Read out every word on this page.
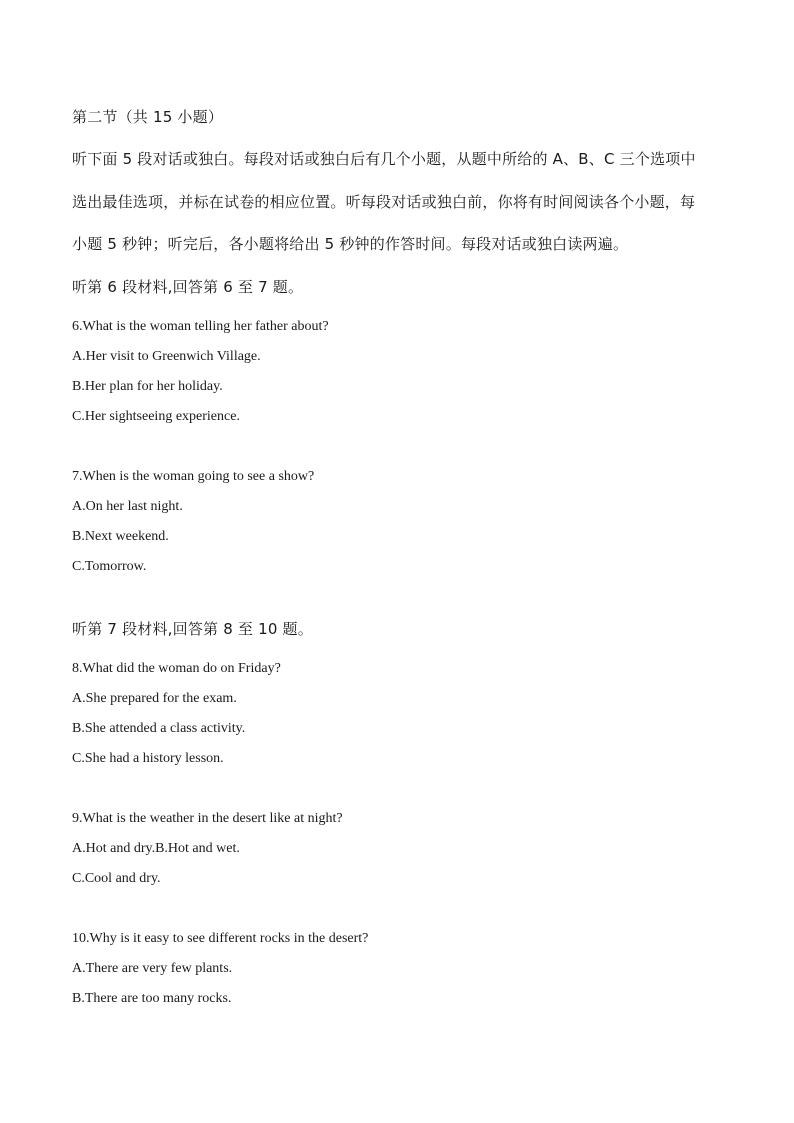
第二节（共 15 小题）
听下面 5 段对话或独白。每段对话或独白后有几个小题，从题中所给的 A、B、C 三个选项中
选出最佳选项，并标在试卷的相应位置。听每段对话或独白前，你将有时间阅读各个小题，每
小题 5 秒钟；听完后，各小题将给出 5 秒钟的作答时间。每段对话或独白读两遍。
听第 6 段材料,回答第 6 至 7 题。
6.What is the woman telling her father about?
A.Her visit to Greenwich Village.
B.Her plan for her holiday.
C.Her sightseeing experience.
7.When is the woman going to see a show?
A.On her last night.
B.Next weekend.
C.Tomorrow.
听第 7 段材料,回答第 8 至 10 题。
8.What did the woman do on Friday?
A.She prepared for the exam.
B.She attended a class activity.
C.She had a history lesson.
9.What is the weather in the desert like at night?
A.Hot and dry.B.Hot and wet.
C.Cool and dry.
10.Why is it easy to see different rocks in the desert?
A.There are very few plants.
B.There are too many rocks.
